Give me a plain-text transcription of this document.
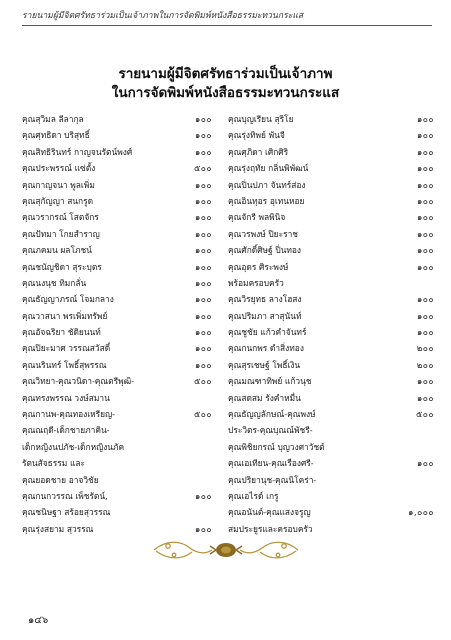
รายนามผู้มีจิตศรัทธาร่วมเป็นเจ้าภาพในการจัดพิมพ์หนังสือธรรมะทวนกระแส
รายนามผู้มีจิตศรัทธาร่วมเป็นเจ้าภาพ
ในการจัดพิมพ์หนังสือธรรมะทวนกระแส
คุณสุวิมล ลีลากุล	๑๐๐
คุณศุทธิดา บริสุทธิ์	๑๐๐
คุณสิทธิรินทร์ กาญจนรัตน์พงศ์	๑๐๐
คุณประพรรณ์ แซ่ตั้ง	๕๐๐
คุณกาญจนา พูลเพิ่ม	๑๐๐
คุณสุกัญญา สนกรูด	๑๐๐
คุณวรากรณ์ โสตจักร	๑๐๐
คุณปัทมา โกยสำราญ	๑๐๐
คุณภคมน ผลโภชน์	๑๐๐
คุณชนัญชิดา สุระบุตร	๑๐๐
คุณนงนุช ทิมกลั่น	๑๐๐
คุณธัญญาภรณ์ โจมกลาง	๑๐๐
คุณวาสนา พรเพิ่มทรัพย์	๑๐๐
คุณอัจฉริยา ชัดิยนนท์	๑๐๐
คุณปิยะมาศ วรรณสวัสดิ์	๑๐๐
คุณนรินทร์ โพธิ์สุพรรณ	๑๐๐
คุณวิทยา-คุณวนิดา-คุณตรีพุฒิ-	๕๐๐
คุณทรงพรรณ วงษ์สมาน
คุณกานพ-คุณทองเหรียญ-	๕๐๐
คุณณฤดี-เด็กชายภาคิน-
เด็กหญิงนปภัช-เด็กหญิงนภัค
รัตนสัจธรรม และ
คุณยอดชาย อาจวิชัย
คุณกนกวรรณ เพ็ชรัตน์,	๑๐๐
คุณชนิษฐา สร้อยสุวรรณ
คุณรุ่งสยาม สุวรรณ	๑๐๐
คุณบุญเรียน สุริโย	๑๐๐
คุณรุ่งทิพย์ พันจี	๑๐๐
คุณศุภิดา เศิกศิริ	๑๐๐
คุณรุ่งฤทัย กลิ่นพิพัฒน์	๑๐๐
คุณปิ่นปภา จันทร์ส่อง	๑๐๐
คุณอินทุอร อุเทนหอย	๑๐๐
คุณจักรี พลพินิจ	๑๐๐
คุณวรพงษ์ ปิยะราช	๑๐๐
คุณศักดิ์ศิษฐ์ ปิ่นทอง	๑๐๐
คุณอุดร ศิระพงษ์	๑๐๐
พร้อมครอบครัว
คุณวิรยุทธ ลางโฮสง	๑๐๐
คุณปริมภา สาสุนันท์	๑๐๐
คุณชูชัย แก้วคำจันทร์	๑๐๐
คุณกนกพร ดำสิ่งทอง	๒๐๐
คุณสุรเชษฐ์ โพธิ์เงิน	๒๐๐
คุณมณฑาทิพย์ แก้วนุช	๑๐๐
คุณสดสม รังคำหมื่น	๑๐๐
คุณธัญญลักษณ์-คุณพงษ์	๕๐๐
ประวิตร-คุณบุณณ์พัชรี-
คุณพิชิยกรณ์ บุญวงศาวัชต์
คุณเอเทียน-คุณเรืองศรี-	๑๐๐
คุณปริยานุช-คุณนิโคร่า-
คุณเอไรด์ เกรู
คุณอนันต์-คุณแสงจรูญ	๑,๐๐๐
สมประยูรและครอบครัว
๑๔๖
